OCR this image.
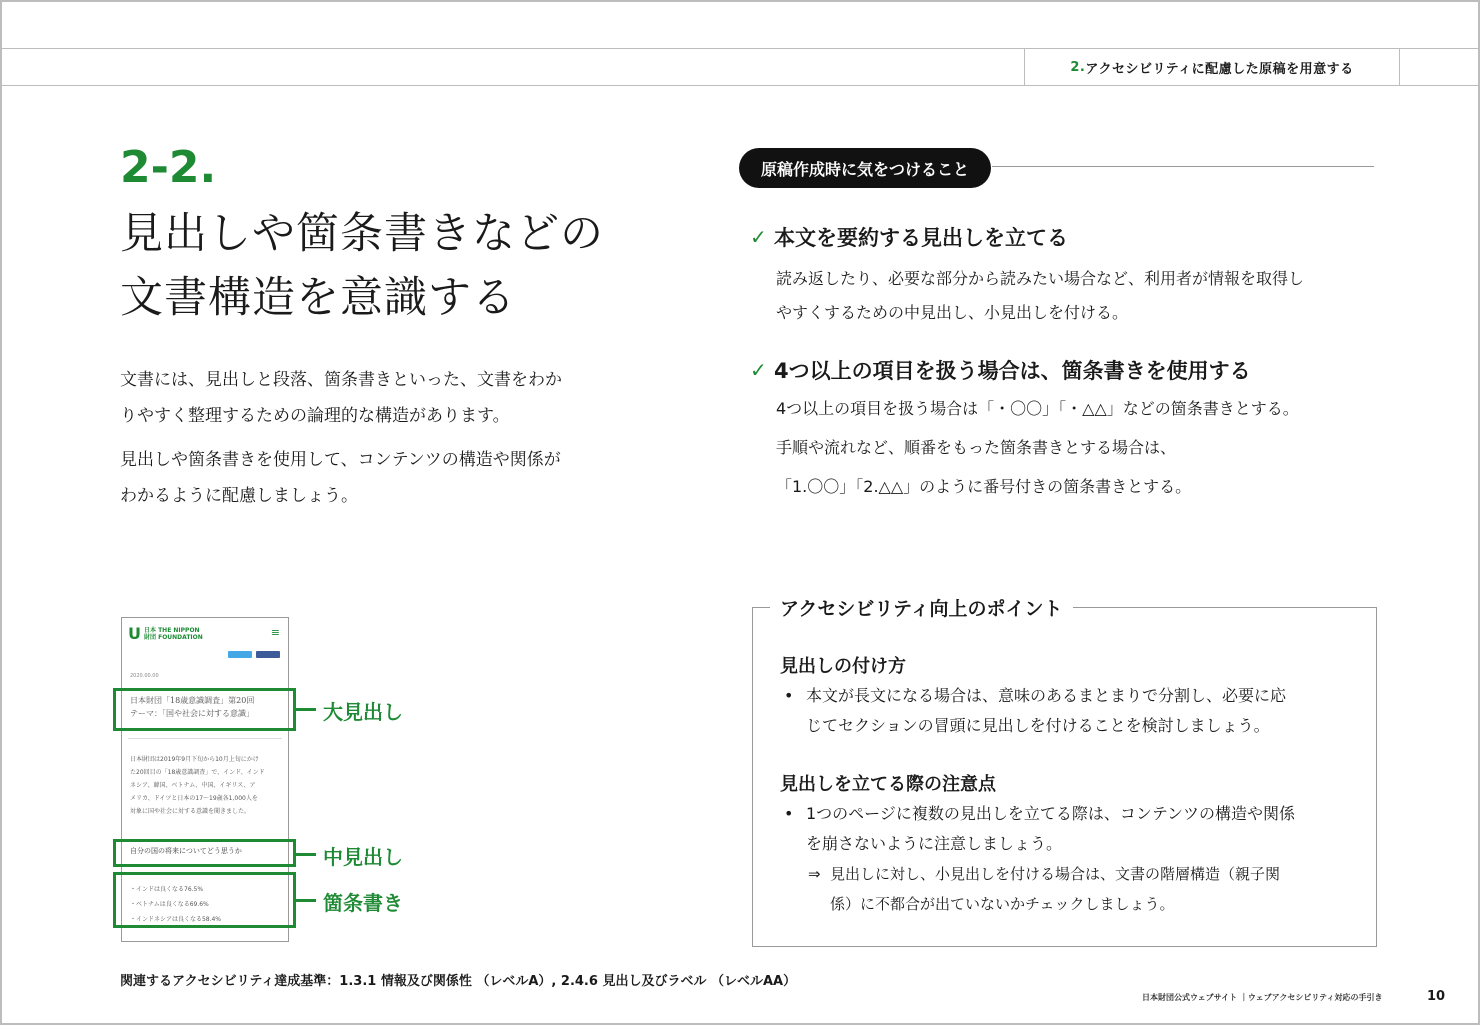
2. アクセシビリティに配慮した原稿を用意する
2-2.
見出しや箇条書きなどの
文書構造を意識する

文書には、見出しと段落、箇条書きといった、文書をわか
りやすく整理するための論理的な構造があります。

見出しや箇条書きを使用して、コンテンツの構造や関係が
わかるように配慮しましょう。

原稿作成時に気をつけること
✓ 本文を要約する見出しを立てる
読み返したり、必要な部分から読みたい場合など、利用者が情報を取得し
やすくするための中見出し、小見出しを付ける。
✓ 4つ以上の項目を扱う場合は、箇条書きを使用する
4つ以上の項目を扱う場合は「・〇〇」「・△△」などの箇条書きとする。
手順や流れなど、順番をもった箇条書きとする場合は、
「1.〇〇」「2.△△」のように番号付きの箇条書きとする。
アクセシビリティ向上のポイント
見出しの付け方
• 本文が長文になる場合は、意味のあるまとまりで分割し、必要に応
じてセクションの冒頭に見出しを付けることを検討しましょう。
見出しを立てる際の注意点
• 1つのページに複数の見出しを立てる際は、コンテンツの構造や関係
を崩さないように注意しましょう。
⇒ 見出しに対し、小見出しを付ける場合は、文書の階層構造（親子関
係）に不都合が出ていないかチェックしましょう。
U 日本 THE NIPPON
財団 FOUNDATION	≡
2020.00.00
日本財団「18歳意識調査」第20回
テーマ：「国や社会に対する意識」
日本財団は2019年9月下旬から10月上旬にかけ
た20回目の「18歳意識調査」で、インド、インド
ネシア、韓国、ベトナム、中国、イギリス、ア
メリカ、ドイツと日本の17〜19歳各1,000人を
対象に国や社会に対する意識を聞きました。
自分の国の将来についてどう思うか
・インドは良くなる76.5%
・ベトナムは良くなる69.6%
・インドネシアは良くなる58.4%
大見出し
中見出し
箇条書き
関連するアクセシビリティ達成基準：1.3.1 情報及び関係性 （レベルA）, 2.4.6 見出し及びラベル （レベルAA）
日本財団公式ウェブサイト ｜ウェブアクセシビリティ対応の手引き	10
